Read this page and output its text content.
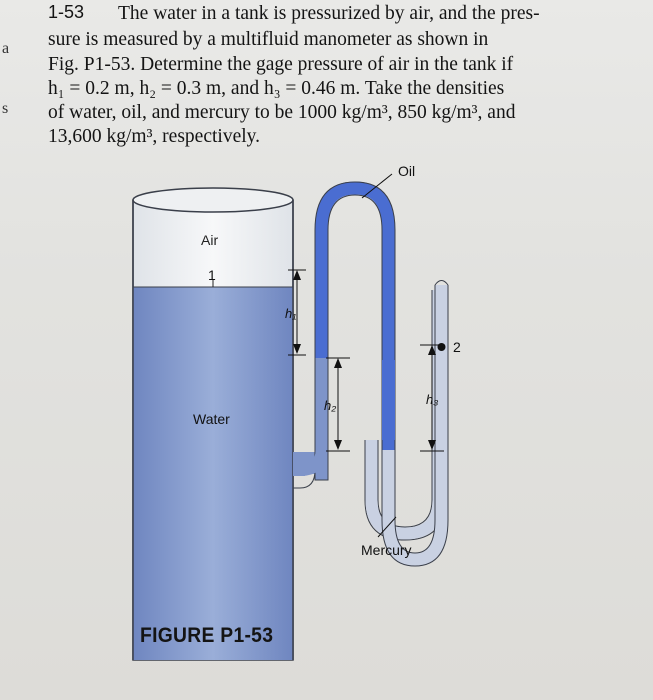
1-53 The water in a tank is pressurized by air, and the pres-
sure is measured by a multifluid manometer as shown in
Fig. P1-53. Determine the gage pressure of air in the tank if
h₁ = 0.2 m, h₂ = 0.3 m, and h₃ = 0.46 m. Take the densities
of water, oil, and mercury to be 1000 kg/m³, 850 kg/m³, and
13,600 kg/m³, respectively.
a
s
1
2
h₁
h₂	h₃
Air
Water
Oil
Mercury
FIGURE P1-53
